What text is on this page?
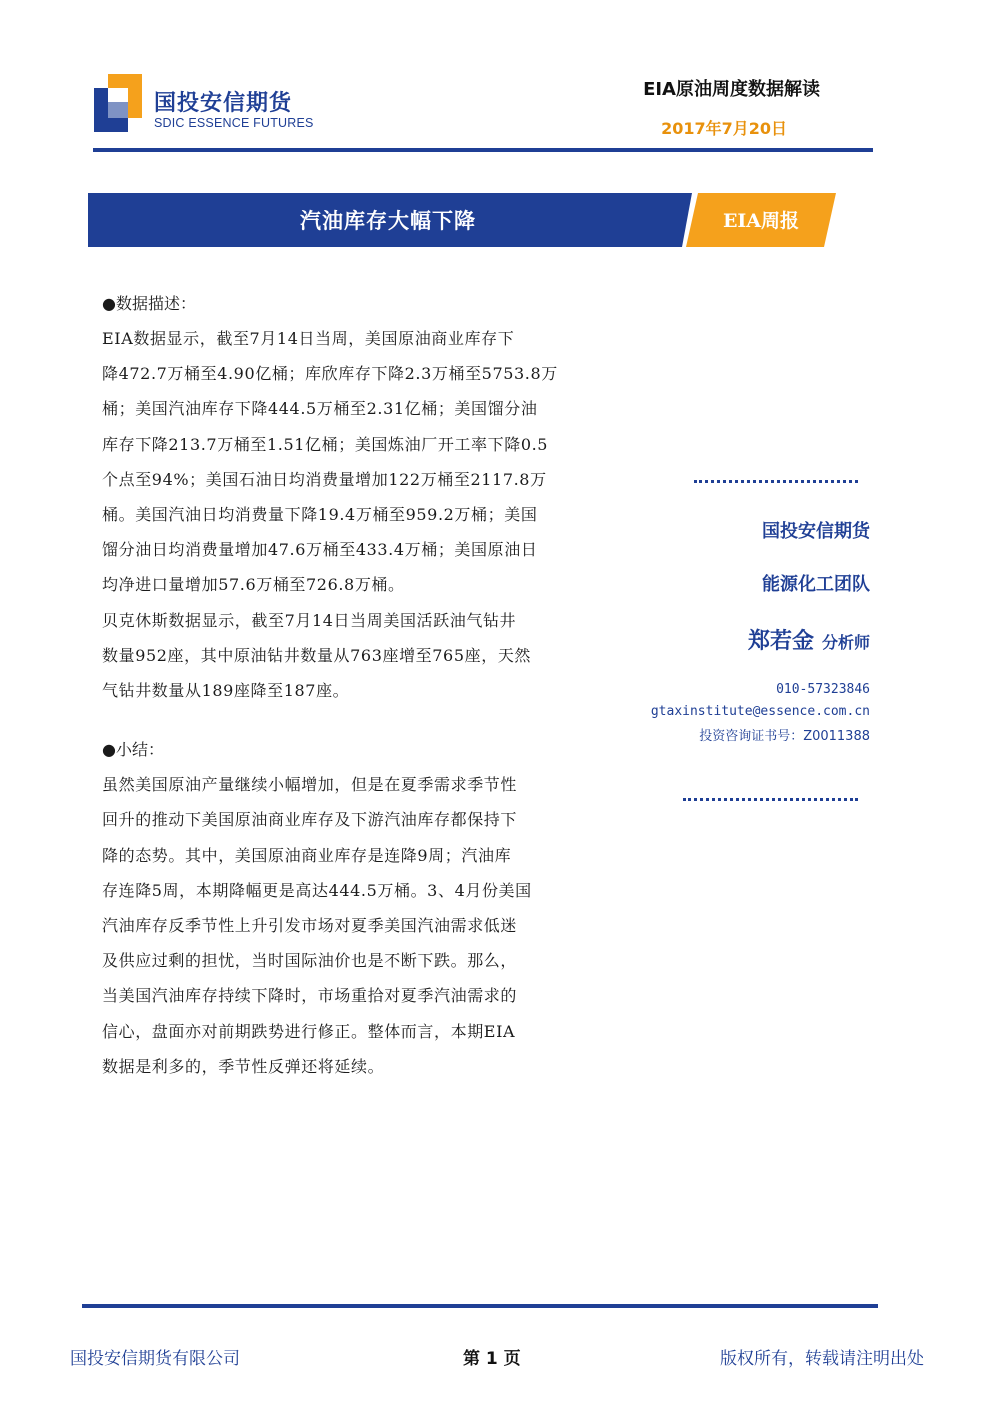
国投安信期货
SDIC ESSENCE FUTURES
EIA原油周度数据解读
2017年7月20日
汽油库存大幅下降	EIA周报
●数据描述：
EIA数据显示，截至7月14日当周，美国原油商业库存下
降472.7万桶至4.90亿桶；库欣库存下降2.3万桶至5753.8万
桶；美国汽油库存下降444.5万桶至2.31亿桶；美国馏分油
库存下降213.7万桶至1.51亿桶；美国炼油厂开工率下降0.5
个点至94%；美国石油日均消费量增加122万桶至2117.8万
桶。美国汽油日均消费量下降19.4万桶至959.2万桶；美国
馏分油日均消费量增加47.6万桶至433.4万桶；美国原油日
均净进口量增加57.6万桶至726.8万桶。
贝克休斯数据显示，截至7月14日当周美国活跃油气钻井
数量952座，其中原油钻井数量从763座增至765座，天然
气钻井数量从189座降至187座。
●小结：
虽然美国原油产量继续小幅增加，但是在夏季需求季节性
回升的推动下美国原油商业库存及下游汽油库存都保持下
降的态势。其中，美国原油商业库存是连降9周；汽油库
存连降5周，本期降幅更是高达444.5万桶。3、4月份美国
汽油库存反季节性上升引发市场对夏季美国汽油需求低迷
及供应过剩的担忧，当时国际油价也是不断下跌。那么，
当美国汽油库存持续下降时，市场重拾对夏季汽油需求的
信心，盘面亦对前期跌势进行修正。整体而言，本期EIA
数据是利多的，季节性反弹还将延续。
国投安信期货
能源化工团队
郑若金 分析师
010-57323846
gtaxinstitute@essence.com.cn
投资咨询证书号：Z0011388
国投安信期货有限公司	第 1 页	版权所有，转载请注明出处
